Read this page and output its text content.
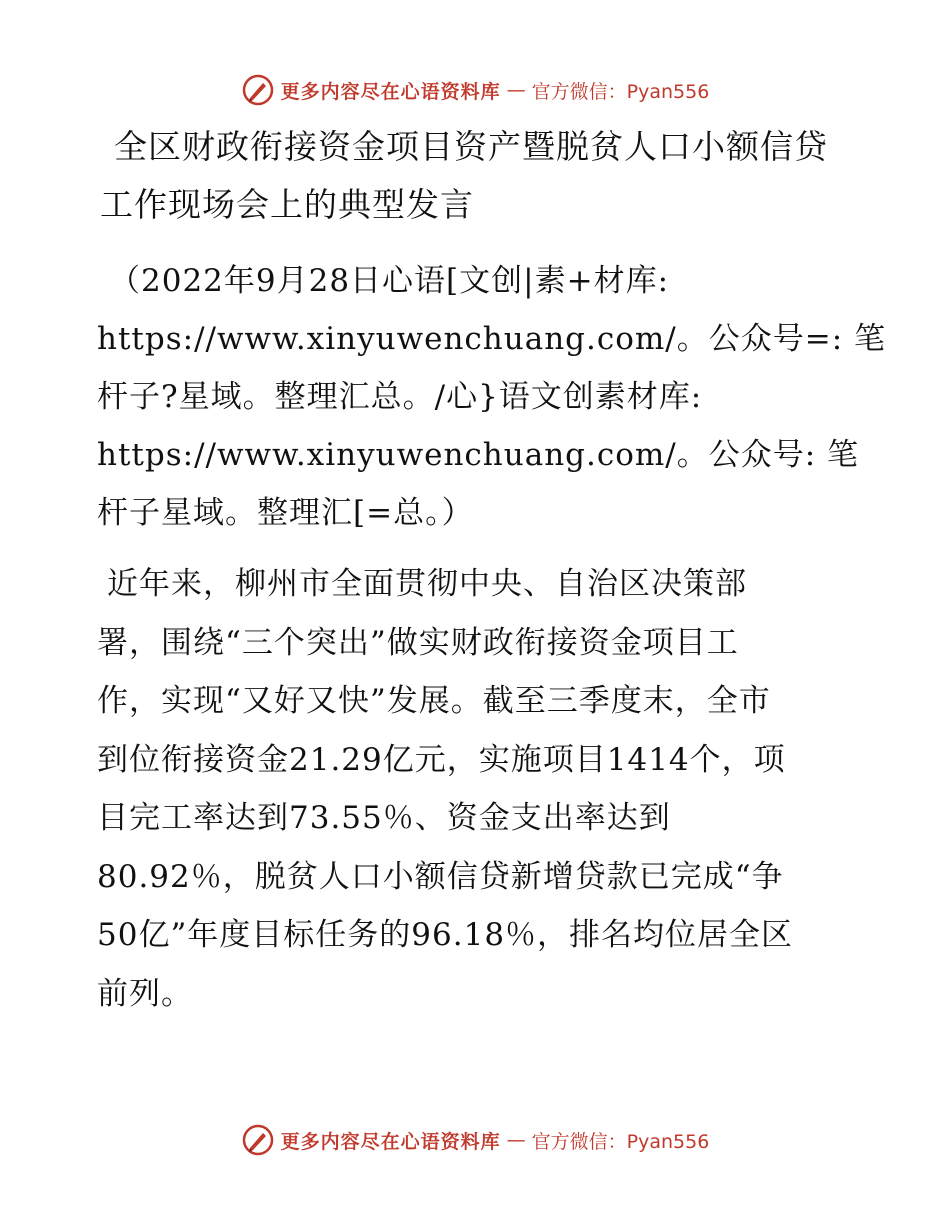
更多内容尽在心语资料库 — 官方微信：Pyan556
全区财政衔接资金项目资产暨脱贫人口小额信贷
工作现场会上的典型发言

（2022年9月28日心语[文创|素+材库:
https://www.xinyuwenchuang.com/。公众号=: 笔
杆子?星域。整理汇总。/心}语文创素材库:
https://www.xinyuwenchuang.com/。公众号: 笔
杆子星域。整理汇[=总。）

近年来，柳州市全面贯彻中央、自治区决策部
署，围绕“三个突出”做实财政衔接资金项目工
作，实现“又好又快”发展。截至三季度末，全市
到位衔接资金21.29亿元，实施项目1414个，项
目完工率达到73.55％、资金支出率达到
80.92％，脱贫人口小额信贷新增贷款已完成“争
50亿”年度目标任务的96.18％，排名均位居全区
前列。

更多内容尽在心语资料库 — 官方微信：Pyan556
